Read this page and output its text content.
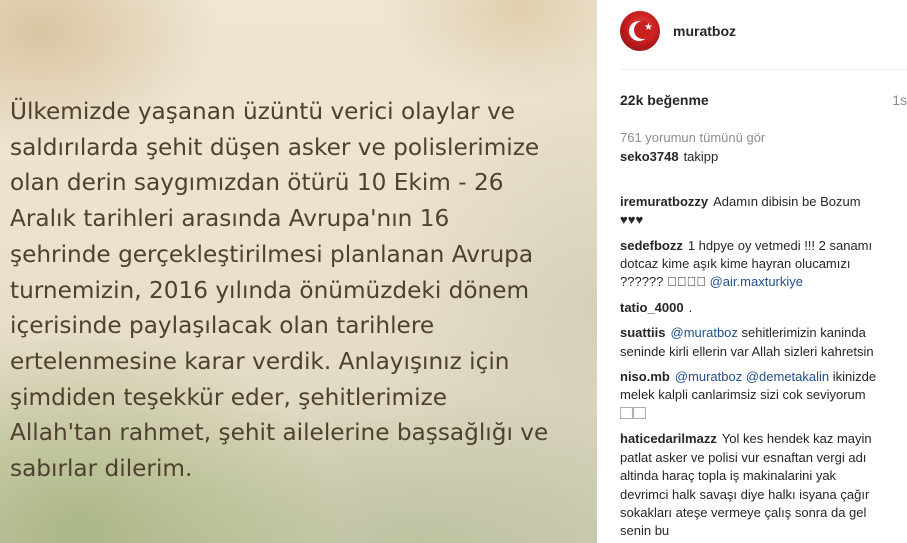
Ülkemizde yaşanan üzüntü verici olaylar ve
saldırılarda şehit düşen asker ve polislerimize
olan derin saygımızdan ötürü 10 Ekim - 26
Aralık tarihleri arasında Avrupa'nın 16
şehrinde gerçekleştirilmesi planlanan Avrupa
turnemizin, 2016 yılında önümüzdeki dönem
içerisinde paylaşılacak olan tarihlere
ertelenmesine karar verdik. Anlayışınız için
şimdiden teşekkür eder, şehitlerimize
Allah'tan rahmet, şehit ailelerine başsağlığı ve
sabırlar dilerim.

★ muratboz
22k beğenme	1s
761 yorumun tümünü gör
seko3748 takipp

iremuratbozzy Adamın dibisin be Bozum
♥♥♥

sedefbozz 1 hdpye oy vetmedi !!! 2 sanamı dotcaz kime aşık kime hayran olucamızı ?????? ⃞⃞⃞⃞ @air.maxturkiye
tatio_4000 .
suattiis @muratboz sehitlerimizin kaninda seninde kirli ellerin var Allah sizleri kahretsin
niso.mb @muratboz @demetakalin ikinizde melek kalpli canlarimsiz sizi cok seviyorum ⃞⃞
haticedarilmazz Yol kes hendek kaz mayin patlat asker ve polisi vur esnaftan vergi adı altinda haraç topla iş makinalarini yak devrimci halk savaşı diye halkı isyana çağır sokakları ateşe vermeye çalış sonra da gel senin bu
